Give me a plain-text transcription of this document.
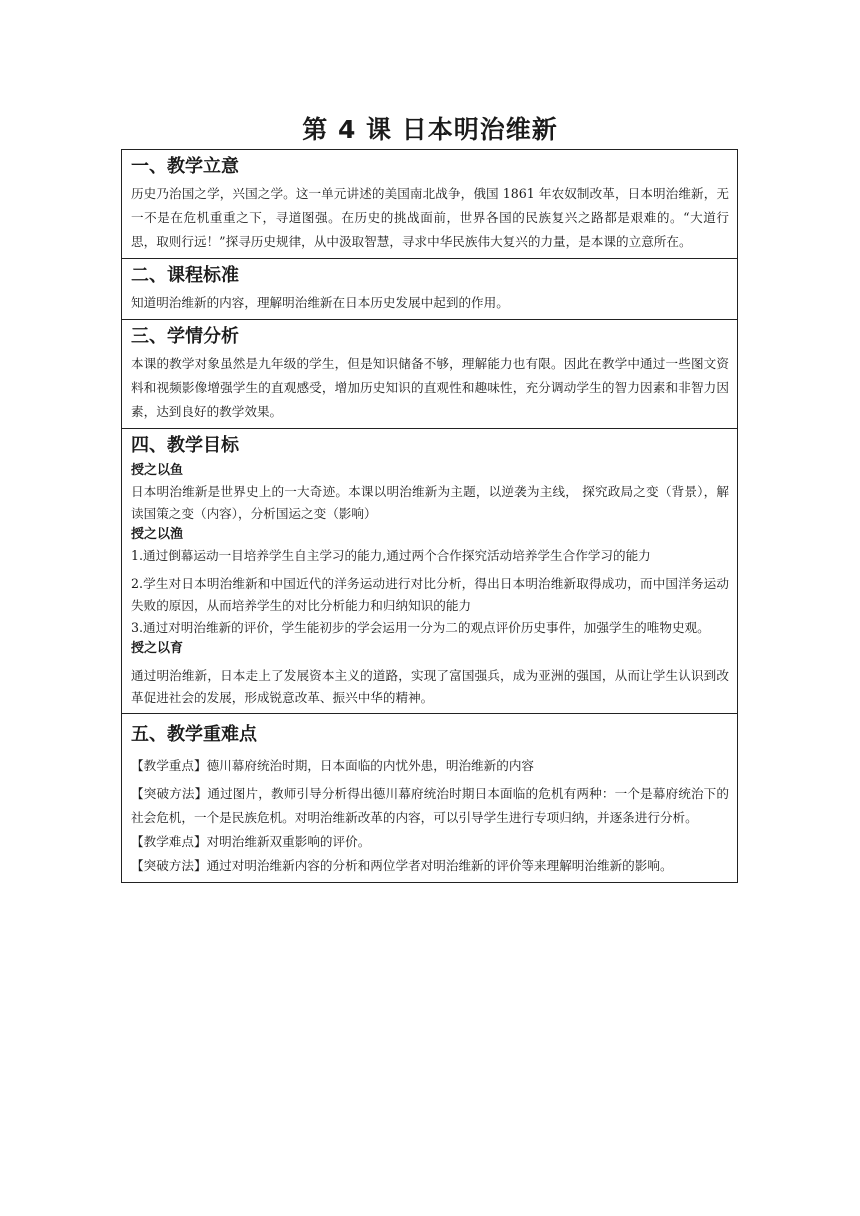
第 4 课 日本明治维新
一、教学立意

历史乃治国之学，兴国之学。这一单元讲述的美国南北战争，俄国 1861 年农奴制改革，日本明治维新，无一不是在危机重重之下，寻道图强。在历史的挑战面前，世界各国的民族复兴之路都是艰难的。“大道行思，取则行远！”探寻历史规律，从中汲取智慧，寻求中华民族伟大复兴的力量，是本课的立意所在。

二、课程标准

知道明治维新的内容，理解明治维新在日本历史发展中起到的作用。

三、学情分析

本课的教学对象虽然是九年级的学生，但是知识储备不够，理解能力也有限。因此在教学中通过一些图文资料和视频影像增强学生的直观感受，增加历史知识的直观性和趣味性，充分调动学生的智力因素和非智力因素，达到良好的教学效果。

四、教学目标
授之以鱼

日本明治维新是世界史上的一大奇迹。本课以明治维新为主题，以逆袭为主线， 探究政局之变（背景），解读国策之变（内容），分析国运之变（影响）

授之以渔

1.通过倒幕运动一目培养学生自主学习的能力,通过两个合作探究活动培养学生合作学习的能力

2.学生对日本明治维新和中国近代的洋务运动进行对比分析，得出日本明治维新取得成功，而中国洋务运动失败的原因，从而培养学生的对比分析能力和归纳知识的能力

3.通过对明治维新的评价，学生能初步的学会运用一分为二的观点评价历史事件，加强学生的唯物史观。

授之以育

通过明治维新，日本走上了发展资本主义的道路，实现了富国强兵，成为亚洲的强国，从而让学生认识到改革促进社会的发展，形成锐意改革、振兴中华的精神。

五、教学重难点

【教学重点】德川幕府统治时期，日本面临的内忧外患，明治维新的内容

【突破方法】通过图片，教师引导分析得出德川幕府统治时期日本面临的危机有两种：一个是幕府统治下的社会危机，一个是民族危机。对明治维新改革的内容，可以引导学生进行专项归纳，并逐条进行分析。

【教学难点】对明治维新双重影响的评价。

【突破方法】通过对明治维新内容的分析和两位学者对明治维新的评价等来理解明治维新的影响。
